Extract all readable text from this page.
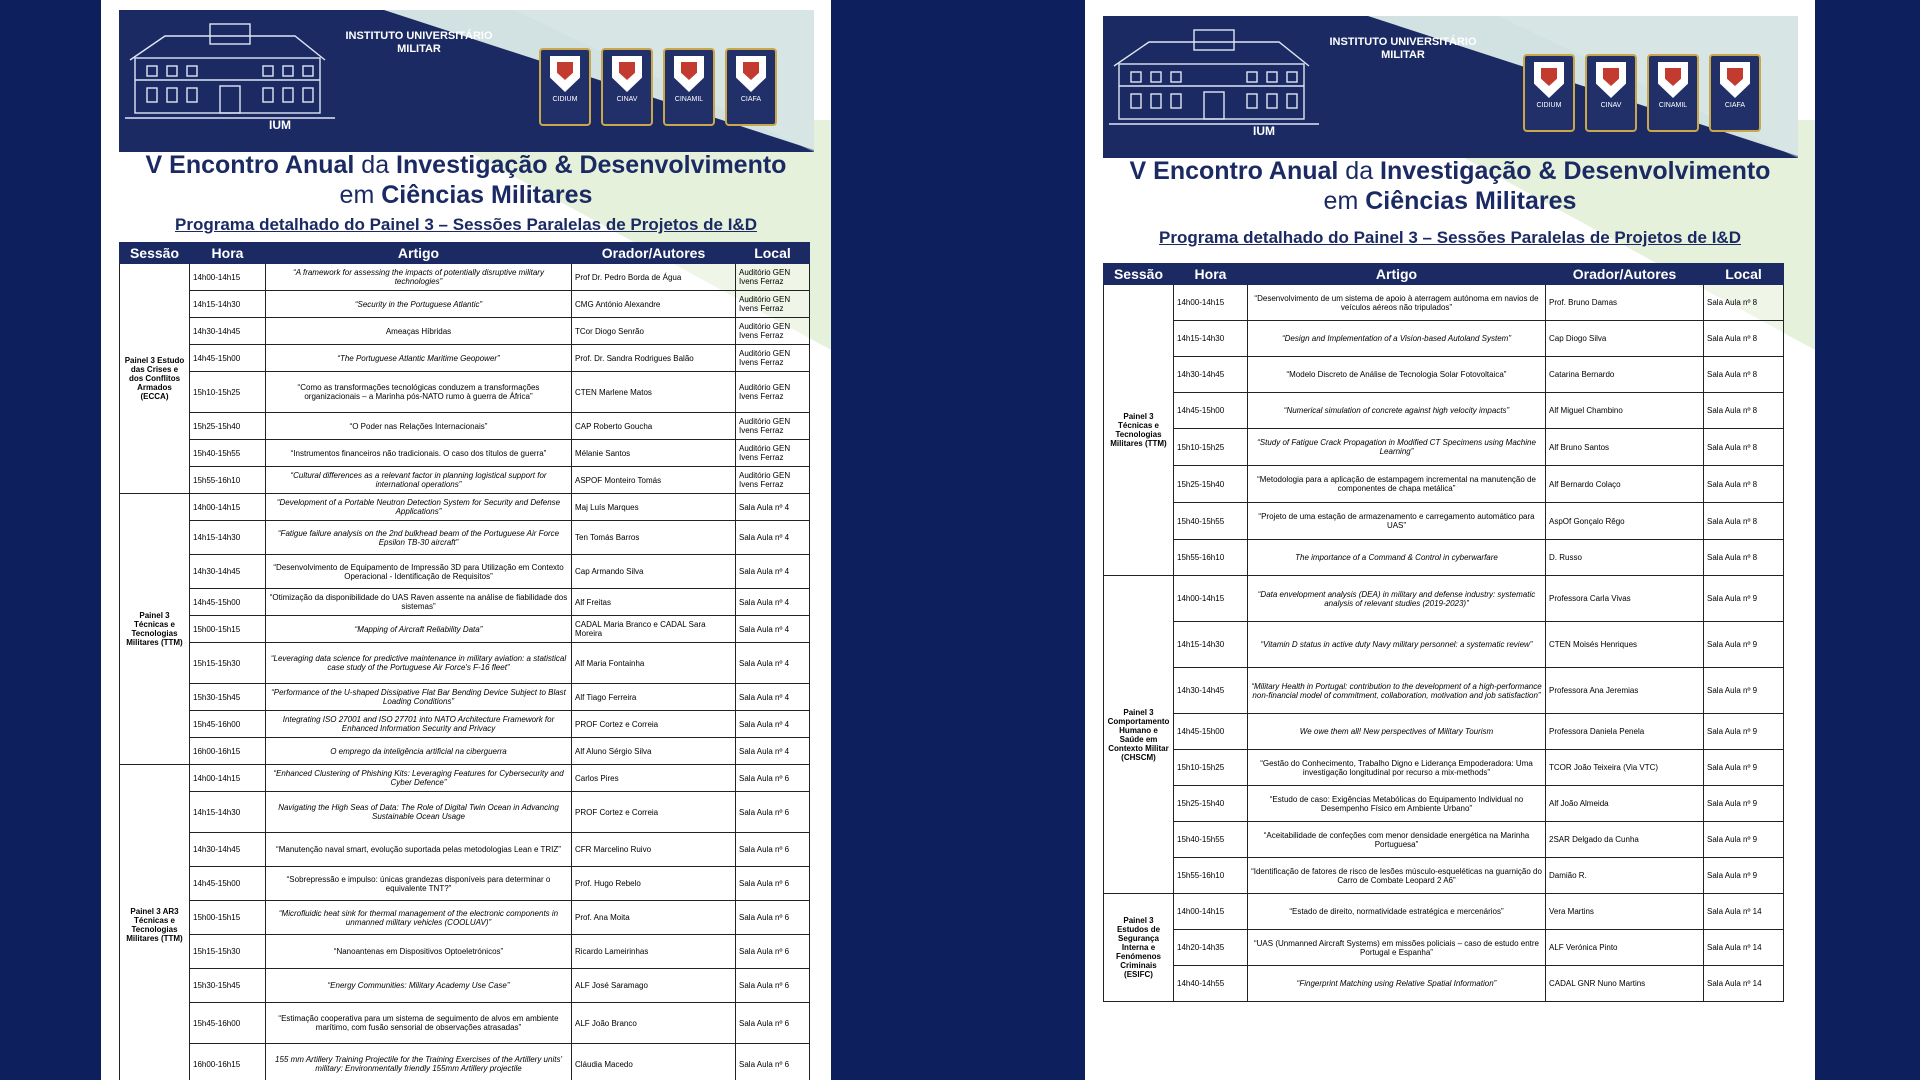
INSTITUTO UNIVERSITÁRIO MILITAR
IUM
CIDIUM	CINAV	CINAMIL	CIAFA
V Encontro Anual da Investigação & Desenvolvimento
em Ciências Militares
Programa detalhado do Painel 3 – Sessões Paralelas de Projetos de I&D
Sessão	Hora	Artigo	Orador/Autores	Local
Painel 3 Estudo das Crises e dos Conflitos Armados (ECCA)	14h00-14h15	“A framework for assessing the impacts of potentially disruptive military technologies”	Prof Dr. Pedro Borda de Água	Auditório GEN Ivens Ferraz
	14h15-14h30	“Security in the Portuguese Atlantic”	CMG António Alexandre	Auditório GEN Ivens Ferraz
	14h30-14h45	Ameaças Híbridas	TCor Diogo Senrão	Auditório GEN Ivens Ferraz
	14h45-15h00	“The Portuguese Atlantic Maritime Geopower”	Prof. Dr. Sandra Rodrigues Balão	Auditório GEN Ivens Ferraz
	15h10-15h25	“Como as transformações tecnológicas conduzem a transformações organizacionais – a Marinha pós-NATO rumo à guerra de África”	CTEN Marlene Matos	Auditório GEN Ivens Ferraz
	15h25-15h40	“O Poder nas Relações Internacionais”	CAP Roberto Goucha	Auditório GEN Ivens Ferraz
	15h40-15h55	“Instrumentos financeiros não tradicionais. O caso dos títulos de guerra”	Mélanie Santos	Auditório GEN Ivens Ferraz
	15h55-16h10	“Cultural differences as a relevant factor in planning logistical support for international operations”	ASPOF Monteiro Tomás	Auditório GEN Ivens Ferraz
Painel 3 Técnicas e Tecnologias Militares (TTM)	14h00-14h15	“Development of a Portable Neutron Detection System for Security and Defense Applications”	Maj Luís Marques	Sala Aula nº 4
	14h15-14h30	“Fatigue failure analysis on the 2nd bulkhead beam of the Portuguese Air Force Epsilon TB-30 aircraft”	Ten Tomás Barros	Sala Aula nº 4
	14h30-14h45	“Desenvolvimento de Equipamento de Impressão 3D para Utilização em Contexto Operacional - Identificação de Requisitos”	Cap Armando Silva	Sala Aula nº 4
	14h45-15h00	“Otimização da disponibilidade do UAS Raven assente na análise de fiabilidade dos sistemas”	Alf Freitas	Sala Aula nº 4
	15h00-15h15	“Mapping of Aircraft Reliability Data”	CADAL Maria Branco e CADAL Sara Moreira	Sala Aula nº 4
	15h15-15h30	“Leveraging data science for predictive maintenance in military aviation: a statistical case study of the Portuguese Air Force's F-16 fleet”	Alf Maria Fontainha	Sala Aula nº 4
	15h30-15h45	“Performance of the U-shaped Dissipative Flat Bar Bending Device Subject to Blast Loading Conditions”	Alf Tiago Ferreira	Sala Aula nº 4
	15h45-16h00	Integrating ISO 27001 and ISO 27701 into NATO Architecture Framework for Enhanced Information Security and Privacy	PROF Cortez e Correia	Sala Aula nº 4
	16h00-16h15	O emprego da inteligência artificial na ciberguerra	Alf Aluno Sérgio Silva	Sala Aula nº 4
Painel 3 AR3 Técnicas e Tecnologias Militares (TTM)	14h00-14h15	“Enhanced Clustering of Phishing Kits: Leveraging Features for Cybersecurity and Cyber Defence”	Carlos Pires	Sala Aula nº 6
	14h15-14h30	Navigating the High Seas of Data: The Role of Digital Twin Ocean in Advancing Sustainable Ocean Usage	PROF Cortez e Correia	Sala Aula nº 6
	14h30-14h45	“Manutenção naval smart, evolução suportada pelas metodologias Lean e TRIZ”	CFR Marcelino Ruivo	Sala Aula nº 6
	14h45-15h00	“Sobrepressão e impulso: únicas grandezas disponíveis para determinar o equivalente TNT?”	Prof. Hugo Rebelo	Sala Aula nº 6
	15h00-15h15	“Microfluidic heat sink for thermal management of the electronic components in unmanned military vehicles (COOLUAV)”	Prof. Ana Moita	Sala Aula nº 6
	15h15-15h30	“Nanoantenas em Dispositivos Optoeletrónicos”	Ricardo Lameirinhas	Sala Aula nº 6
	15h30-15h45	“Energy Communities: Military Academy Use Case”	ALF José Saramago	Sala Aula nº 6
	15h45-16h00	“Estimação cooperativa para um sistema de seguimento de alvos em ambiente marítimo, com fusão sensorial de observações atrasadas”	ALF João Branco	Sala Aula nº 6
	16h00-16h15	155 mm Artillery Training Projectile for the Training Exercises of the Artillery units' military: Environmentally friendly 155mm Artillery projectile	Cláudia Macedo	Sala Aula nº 6
INSTITUTO UNIVERSITÁRIO MILITAR
IUM
CIDIUM	CINAV	CINAMIL	CIAFA
V Encontro Anual da Investigação & Desenvolvimento
em Ciências Militares
Programa detalhado do Painel 3 – Sessões Paralelas de Projetos de I&D
Sessão	Hora	Artigo	Orador/Autores	Local
Painel 3 Técnicas e Tecnologias Militares (TTM)	14h00-14h15	“Desenvolvimento de um sistema de apoio à aterragem autónoma em navios de veículos aéreos não tripulados”	Prof. Bruno Damas	Sala Aula nº 8
	14h15-14h30	“Design and Implementation of a Vision-based Autoland System”	Cap Diogo Silva	Sala Aula nº 8
	14h30-14h45	“Modelo Discreto de Análise de Tecnologia Solar Fotovoltaica”	Catarina Bernardo	Sala Aula nº 8
	14h45-15h00	“Numerical simulation of concrete against high velocity impacts”	Alf Miguel Chambino	Sala Aula nº 8
	15h10-15h25	“Study of Fatigue Crack Propagation in Modified CT Specimens using Machine Learning”	Alf Bruno Santos	Sala Aula nº 8
	15h25-15h40	“Metodologia para a aplicação de estampagem incremental na manutenção de componentes de chapa metálica”	Alf Bernardo Colaço	Sala Aula nº 8
	15h40-15h55	“Projeto de uma estação de armazenamento e carregamento automático para UAS”	AspOf Gonçalo Rêgo	Sala Aula nº 8
	15h55-16h10	The importance of a Command & Control in cyberwarfare	D. Russo	Sala Aula nº 8
Painel 3 Comportamento Humano e Saúde em Contexto Militar (CHSCM)	14h00-14h15	“Data envelopment analysis (DEA) in military and defense industry: systematic analysis of relevant studies (2019-2023)”	Professora Carla Vivas	Sala Aula nº 9
	14h15-14h30	“Vitamin D status in active duty Navy military personnel: a systematic review”	CTEN Moisés Henriques	Sala Aula nº 9
	14h30-14h45	“Military Health in Portugal: contribution to the development of a high-performance non-financial model of commitment, collaboration, motivation and job satisfaction”	Professora Ana Jeremias	Sala Aula nº 9
	14h45-15h00	We owe them all! New perspectives of Military Tourism	Professora Daniela Penela	Sala Aula nº 9
	15h10-15h25	“Gestão do Conhecimento, Trabalho Digno e Liderança Empoderadora: Uma investigação longitudinal por recurso a mix-methods”	TCOR João Teixeira (Via VTC)	Sala Aula nº 9
	15h25-15h40	“Estudo de caso: Exigências Metabólicas do Equipamento Individual no Desempenho Físico em Ambiente Urbano”	Alf João Almeida	Sala Aula nº 9
	15h40-15h55	“Aceitabilidade de confeções com menor densidade energética na Marinha Portuguesa”	2SAR Delgado da Cunha	Sala Aula nº 9
	15h55-16h10	“Identificação de fatores de risco de lesões músculo-esqueléticas na guarnição do Carro de Combate Leopard 2 A6”	Damião R.	Sala Aula nº 9
Painel 3 Estudos de Segurança Interna e Fenómenos Criminais (ESIFC)	14h00-14h15	“Estado de direito, normatividade estratégica e mercenários”	Vera Martins	Sala Aula nº 14
	14h20-14h35	“UAS (Unmanned Aircraft Systems) em missões policiais – caso de estudo entre Portugal e Espanha”	ALF Verónica Pinto	Sala Aula nº 14
	14h40-14h55	“Fingerprint Matching using Relative Spatial Information”	CADAL GNR Nuno Martins	Sala Aula nº 14
